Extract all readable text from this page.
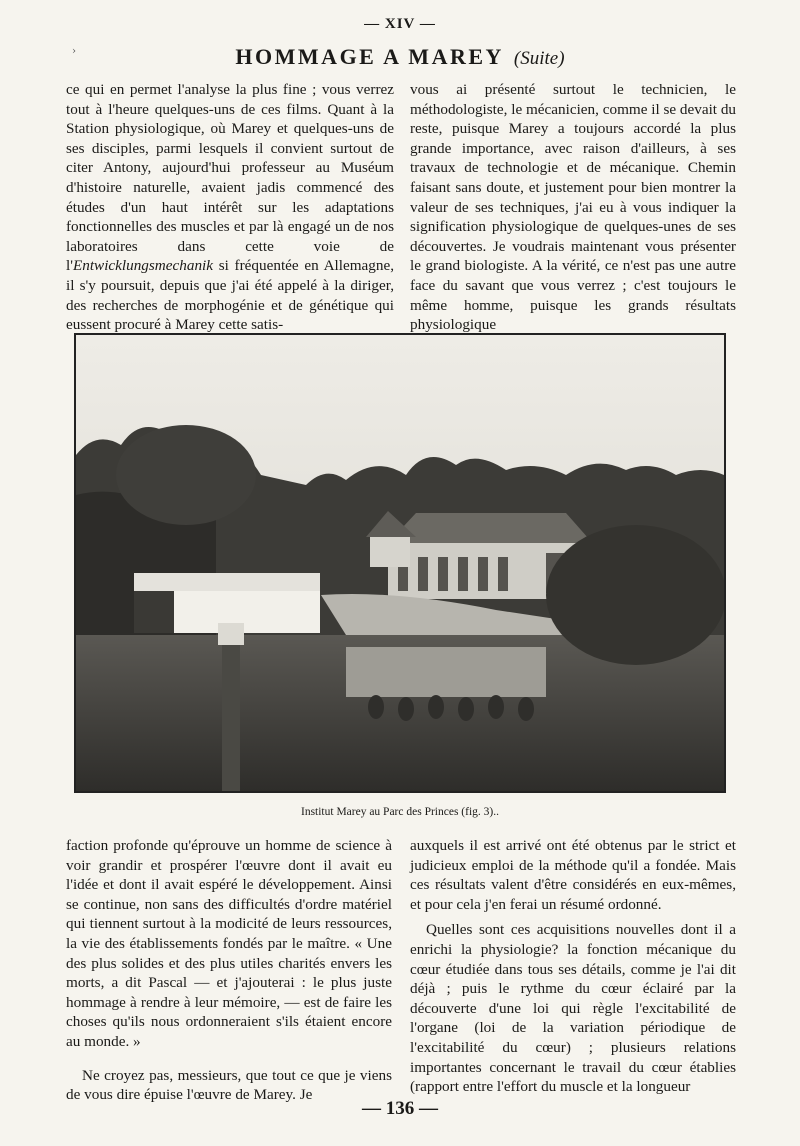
— XIV —
›	HOMMAGE A MAREY (Suite)

ce qui en permet l'analyse la plus fine ; vous verrez tout à l'heure quelques-uns de ces films. Quant à la Station physiologique, où Marey et quelques-uns de ses disciples, parmi lesquels il convient surtout de citer Antony, aujourd'hui professeur au Muséum d'histoire naturelle, avaient jadis commencé des études d'un haut intérêt sur les adaptations fonctionnelles des muscles et par là engagé un de nos laboratoires dans cette voie de l'Entwicklungsmechanik si fréquentée en Allemagne, il s'y poursuit, depuis que j'ai été appelé à la diriger, des recherches de morphogénie et de génétique qui eussent procuré à Marey cette satis-

vous ai présenté surtout le technicien, le méthodologiste, le mécanicien, comme il se devait du reste, puisque Marey a toujours accordé la plus grande importance, avec raison d'ailleurs, à ses travaux de technologie et de mécanique. Chemin faisant sans doute, et justement pour bien montrer la valeur de ses techniques, j'ai eu à vous indiquer la signification physiologique de quelques-unes de ses découvertes. Je voudrais maintenant vous présenter le grand biologiste. A la vérité, ce n'est pas une autre face du savant que vous verrez ; c'est toujours le même homme, puisque les grands résultats physiologique

Institut Marey au Parc des Princes (fig. 3)..

faction profonde qu'éprouve un homme de science à voir grandir et prospérer l'œuvre dont il avait eu l'idée et dont il avait espéré le développement. Ainsi se continue, non sans des difficultés d'ordre matériel qui tiennent surtout à la modicité de leurs ressources, la vie des établissements fondés par le maître. « Une des plus solides et des plus utiles charités envers les morts, a dit Pascal — et j'ajouterai : le plus juste hommage à rendre à leur mémoire, — est de faire les choses qu'ils nous ordonneraient s'ils étaient encore au monde. »

Ne croyez pas, messieurs, que tout ce que je viens de vous dire épuise l'œuvre de Marey. Je

auxquels il est arrivé ont été obtenus par le strict et judicieux emploi de la méthode qu'il a fondée. Mais ces résultats valent d'être considérés en eux-mêmes, et pour cela j'en ferai un résumé ordonné.

Quelles sont ces acquisitions nouvelles dont il a enrichi la physiologie? la fonction mécanique du cœur étudiée dans tous ses détails, comme je l'ai dit déjà ; puis le rythme du cœur éclairé par la découverte d'une loi qui règle l'excitabilité de l'organe (loi de la variation périodique de l'excitabilité du cœur) ; plusieurs relations importantes concernant le travail du cœur établies (rapport entre l'effort du muscle et la longueur

— 136 —
